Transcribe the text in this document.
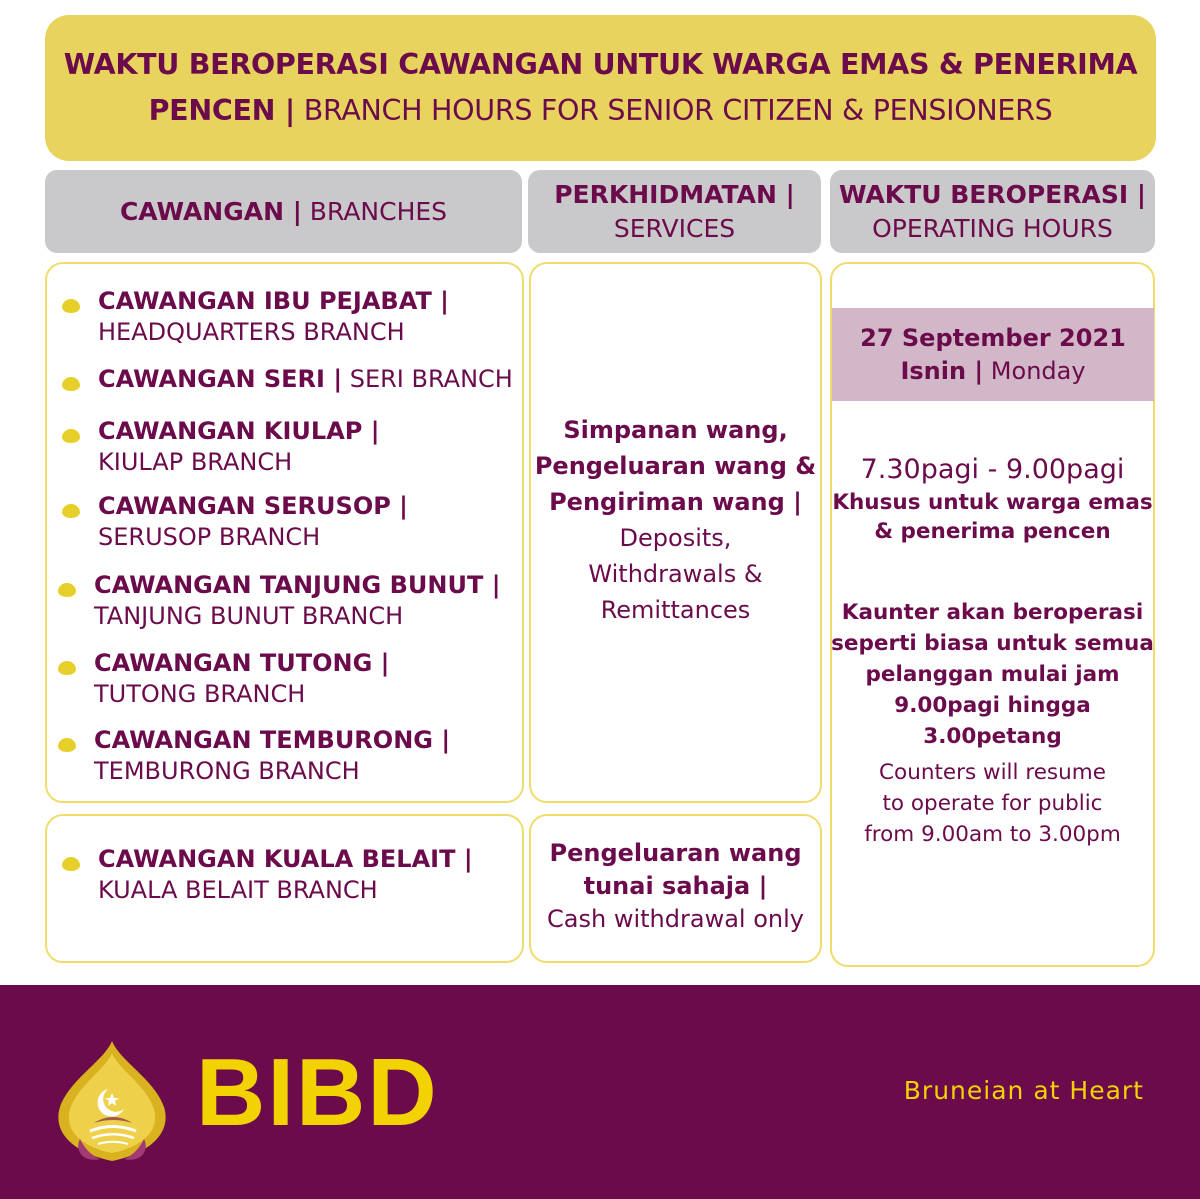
WAKTU BEROPERASI CAWANGAN UNTUK WARGA EMAS & PENERIMA
PENCEN | BRANCH HOURS FOR SENIOR CITIZEN & PENSIONERS
CAWANGAN | BRANCHES
PERKHIDMATAN |
SERVICES
WAKTU BEROPERASI |
OPERATING HOURS
CAWANGAN IBU PEJABAT |
HEADQUARTERS BRANCH
CAWANGAN SERI | SERI BRANCH
CAWANGAN KIULAP |
KIULAP BRANCH
CAWANGAN SERUSOP |
SERUSOP BRANCH
CAWANGAN TANJUNG BUNUT |
TANJUNG BUNUT BRANCH
CAWANGAN TUTONG |
TUTONG BRANCH
CAWANGAN TEMBURONG |
TEMBURONG BRANCH
CAWANGAN KUALA BELAIT |
KUALA BELAIT BRANCH
Simpanan wang,
Pengeluaran wang &
Pengiriman wang |
Deposits,
Withdrawals &
Remittances
Pengeluaran wang
tunai sahaja |
Cash withdrawal only
27 September 2021
Isnin | Monday
7.30pagi - 9.00pagi
Khusus untuk warga emas
& penerima pencen
Kaunter akan beroperasi
seperti biasa untuk semua
pelanggan mulai jam
9.00pagi hingga 3.00petang
Counters will resume
to operate for public
from 9.00am to 3.00pm
BIBD	Bruneian at Heart
